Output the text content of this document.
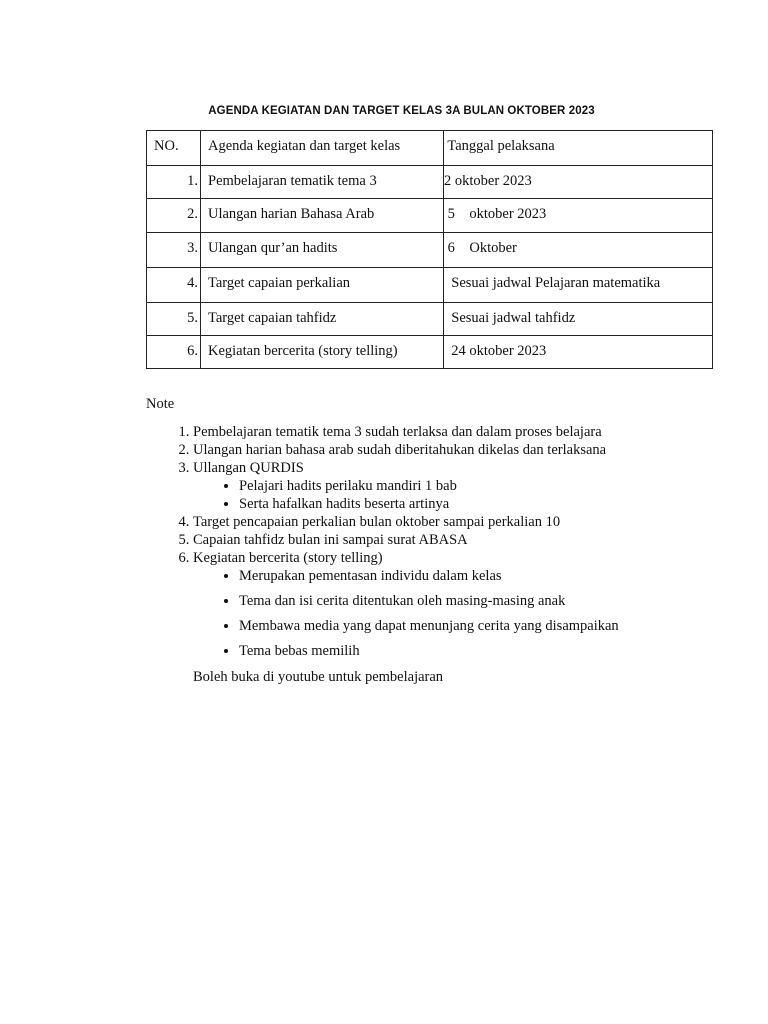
AGENDA KEGIATAN DAN TARGET KELAS 3A BULAN OKTOBER 2023
NO.	Agenda kegiatan dan target kelas	Tanggal pelaksana
1.	Pembelajaran tematik tema 3	2 oktober 2023
2.	Ulangan harian Bahasa Arab	5    oktober 2023
3.	Ulangan qur’an hadits	6    Oktober
4.	Target capaian perkalian	Sesuai jadwal Pelajaran matematika
5.	Target capaian tahfidz	Sesuai jadwal tahfidz
6.	Kegiatan bercerita (story telling)	24 oktober 2023
Note
1. Pembelajaran tematik tema 3 sudah terlaksa dan dalam proses belajara
2. Ulangan harian bahasa arab sudah diberitahukan dikelas dan terlaksana
3. Ullangan QURDIS
• Pelajari hadits perilaku mandiri 1 bab
• Serta hafalkan hadits beserta artinya
4. Target pencapaian perkalian bulan oktober sampai perkalian 10
5. Capaian tahfidz bulan ini sampai surat ABASA
6. Kegiatan bercerita (story telling)
• Merupakan pementasan individu dalam kelas
• Tema dan isi cerita ditentukan oleh masing-masing anak
• Membawa media yang dapat menunjang cerita yang disampaikan
• Tema bebas memilih
Boleh buka di youtube untuk pembelajaran
